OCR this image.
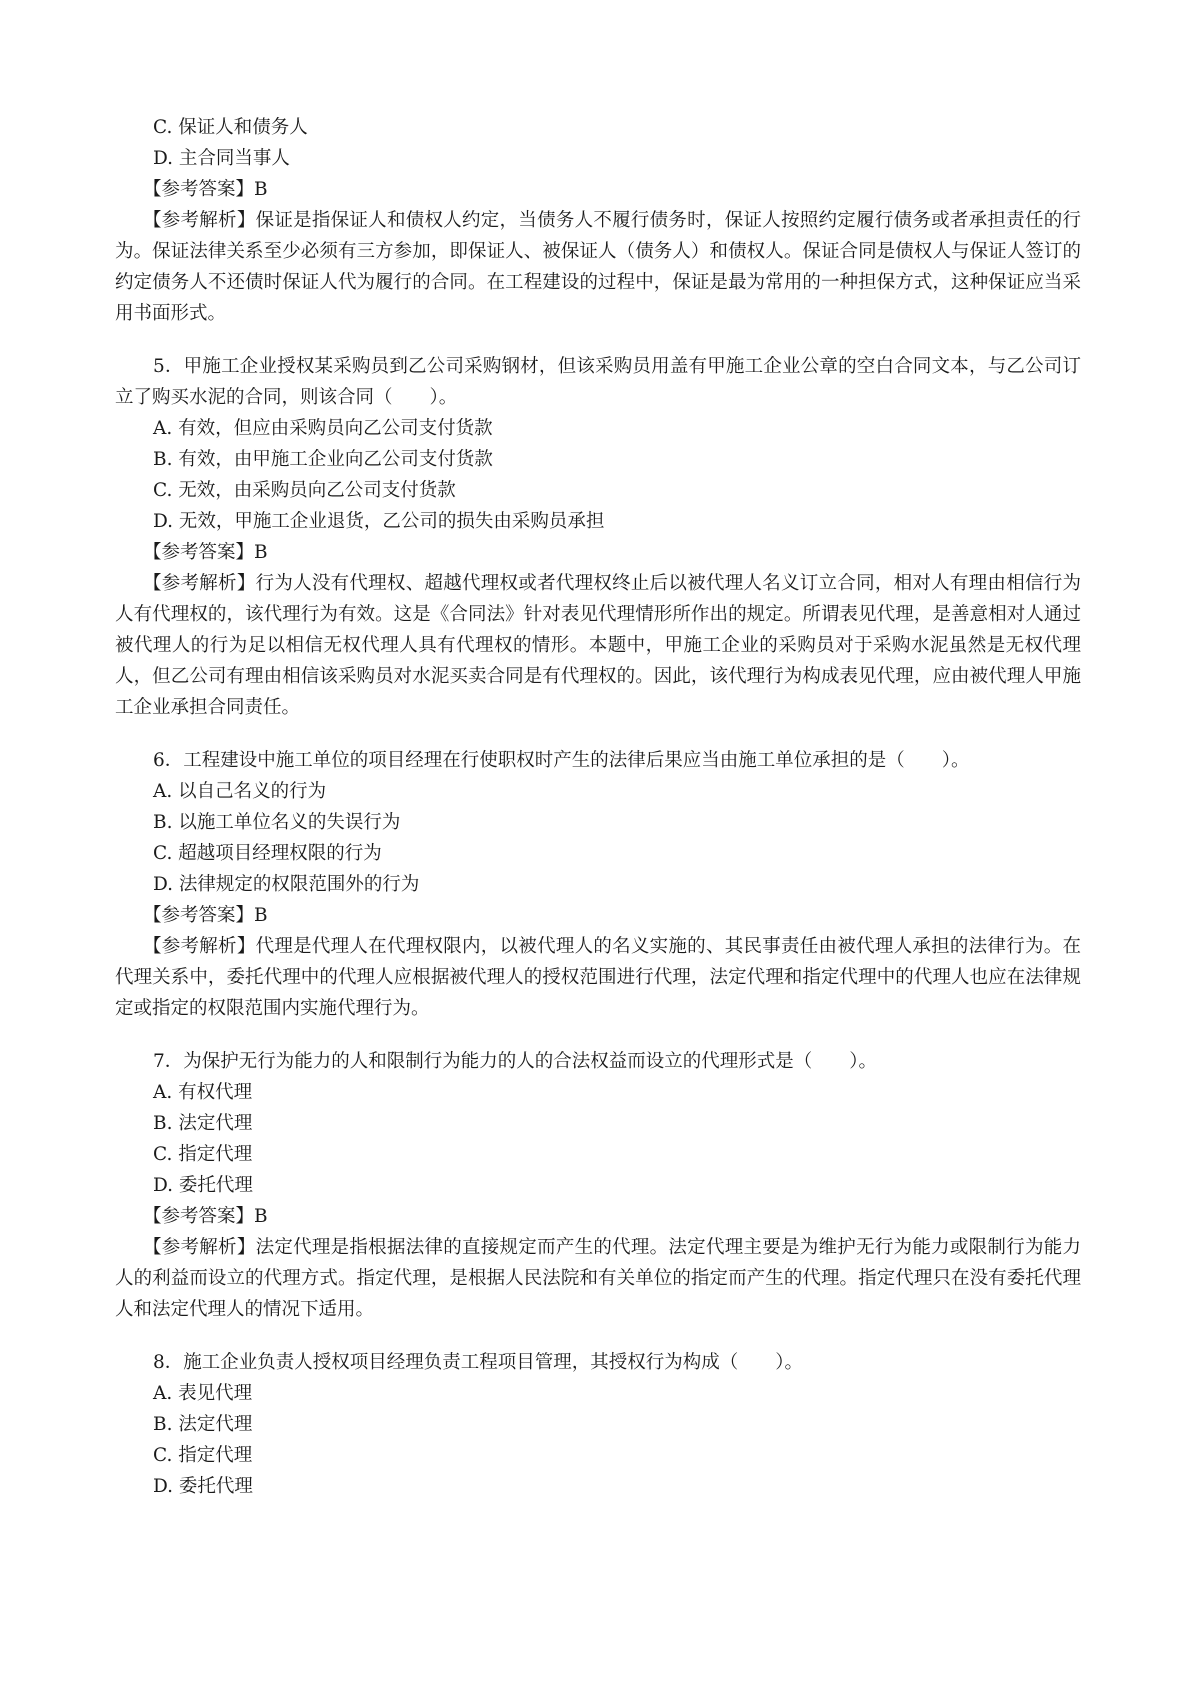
C. 保证人和债务人
D. 主合同当事人
【参考答案】B
【参考解析】保证是指保证人和债权人约定，当债务人不履行债务时，保证人按照约定履行债务或者承担责任的行为。保证法律关系至少必须有三方参加，即保证人、被保证人（债务人）和债权人。保证合同是债权人与保证人签订的约定债务人不还债时保证人代为履行的合同。在工程建设的过程中，保证是最为常用的一种担保方式，这种保证应当采用书面形式。
5．甲施工企业授权某采购员到乙公司采购钢材，但该采购员用盖有甲施工企业公章的空白合同文本，与乙公司订立了购买水泥的合同，则该合同（　　）。
A. 有效，但应由采购员向乙公司支付货款
B. 有效，由甲施工企业向乙公司支付货款
C. 无效，由采购员向乙公司支付货款
D. 无效，甲施工企业退货，乙公司的损失由采购员承担
【参考答案】B
【参考解析】行为人没有代理权、超越代理权或者代理权终止后以被代理人名义订立合同，相对人有理由相信行为人有代理权的，该代理行为有效。这是《合同法》针对表见代理情形所作出的规定。所谓表见代理，是善意相对人通过被代理人的行为足以相信无权代理人具有代理权的情形。本题中，甲施工企业的采购员对于采购水泥虽然是无权代理人，但乙公司有理由相信该采购员对水泥买卖合同是有代理权的。因此，该代理行为构成表见代理，应由被代理人甲施工企业承担合同责任。
6．工程建设中施工单位的项目经理在行使职权时产生的法律后果应当由施工单位承担的是（　　）。
A. 以自己名义的行为
B. 以施工单位名义的失误行为
C. 超越项目经理权限的行为
D. 法律规定的权限范围外的行为
【参考答案】B
【参考解析】代理是代理人在代理权限内，以被代理人的名义实施的、其民事责任由被代理人承担的法律行为。在代理关系中，委托代理中的代理人应根据被代理人的授权范围进行代理，法定代理和指定代理中的代理人也应在法律规定或指定的权限范围内实施代理行为。
7．为保护无行为能力的人和限制行为能力的人的合法权益而设立的代理形式是（　　）。
A. 有权代理
B. 法定代理
C. 指定代理
D. 委托代理
【参考答案】B
【参考解析】法定代理是指根据法律的直接规定而产生的代理。法定代理主要是为维护无行为能力或限制行为能力人的利益而设立的代理方式。指定代理，是根据人民法院和有关单位的指定而产生的代理。指定代理只在没有委托代理人和法定代理人的情况下适用。
8．施工企业负责人授权项目经理负责工程项目管理，其授权行为构成（　　）。
A. 表见代理
B. 法定代理
C. 指定代理
D. 委托代理
